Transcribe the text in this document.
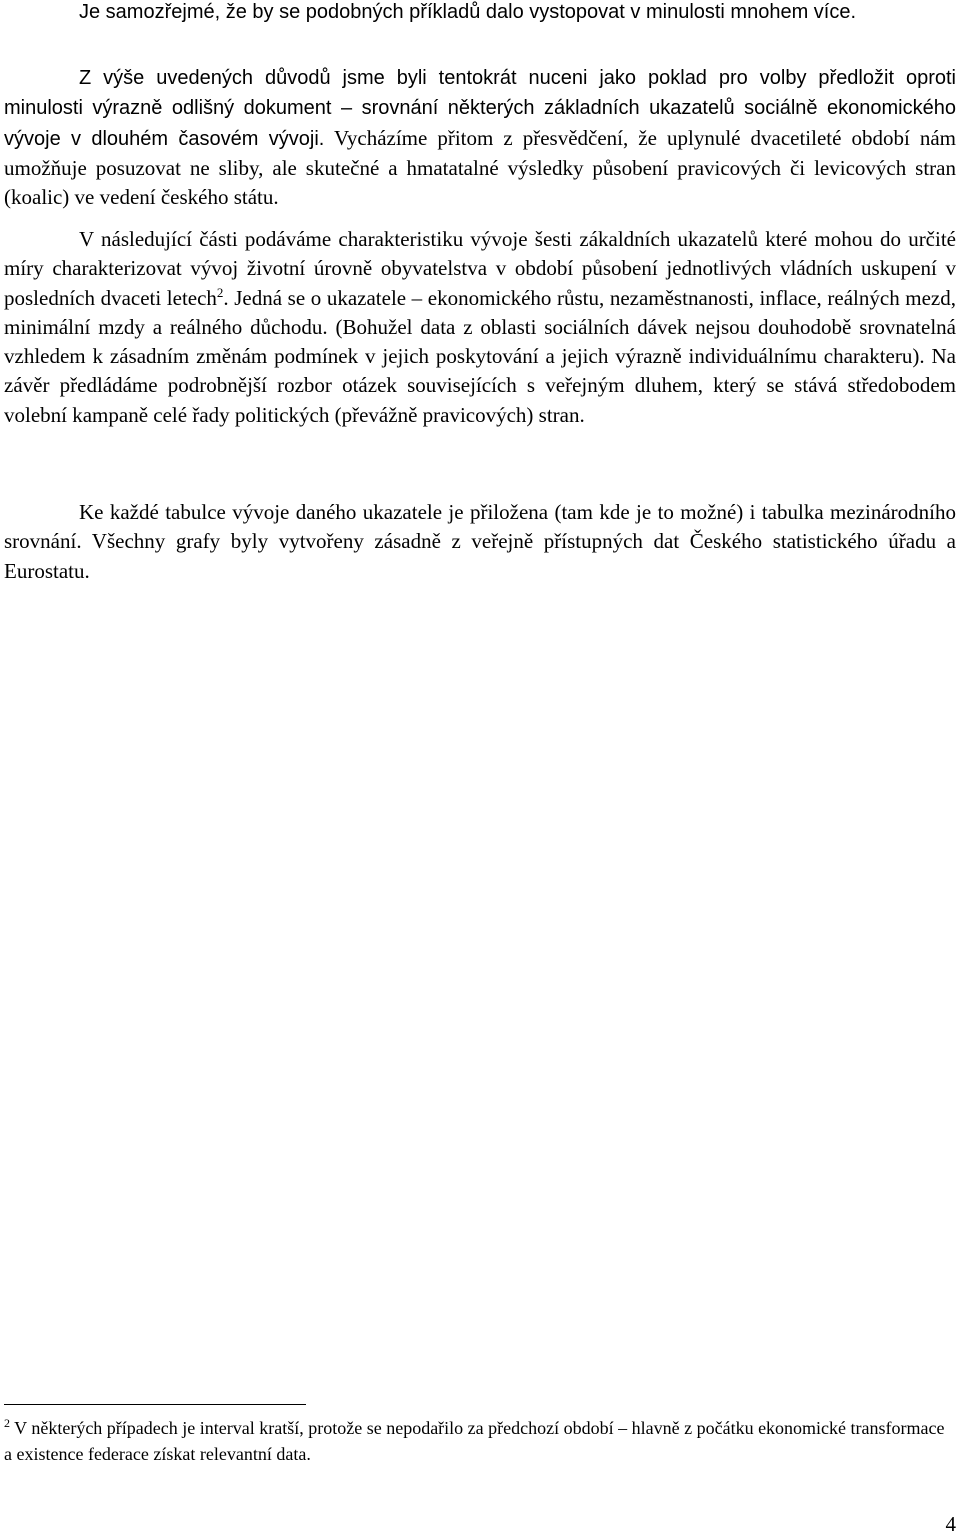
Je samozřejmé, že by se podobných příkladů dalo vystopovat v minulosti mnohem více.

Z výše uvedených důvodů jsme byli tentokrát nuceni jako poklad pro volby předložit oproti minulosti výrazně odlišný dokument – srovnání některých základních ukazatelů sociálně ekonomického vývoje v dlouhém časovém vývoji. Vycházíme přitom z přesvědčení, že uplynulé dvacetileté období nám umožňuje posuzovat ne sliby, ale skutečné a hmatatalné výsledky působení pravicových či levicových stran (koalic) ve vedení českého státu.

V následující části podáváme charakteristiku vývoje šesti zákaldních ukazatelů které mohou do určité míry charakterizovat vývoj životní úrovně obyvatelstva v období působení jednotlivých vládních uskupení v posledních dvaceti letech$^2$. Jedná se o ukazatele – ekonomického růstu, nezaměstnanosti, inflace, reálných mezd, minimální mzdy a reálného důchodu. (Bohužel data z oblasti sociálních dávek nejsou douhodobě srovnatelná vzhledem k zásadním změnám podmínek v jejich poskytování a jejich výrazně individuálnímu charakteru). Na závěr předládáme podrobnější rozbor otázek souvisejících s veřejným dluhem, který se stává středobodem volební kampaně celé řady politických (převážně pravicových) stran.

Ke každé tabulce vývoje daného ukazatele je přiložena (tam kde je to možné) i tabulka mezinárodního srovnání. Všechny grafy byly vytvořeny zásadně z veřejně přístupných dat Českého statistického úřadu a Eurostatu.

$^2$ V některých případech je interval kratší, protože se nepodařilo za předchozí období – hlavně z počátku ekonomické transformace a existence federace získat relevantní data.

4
